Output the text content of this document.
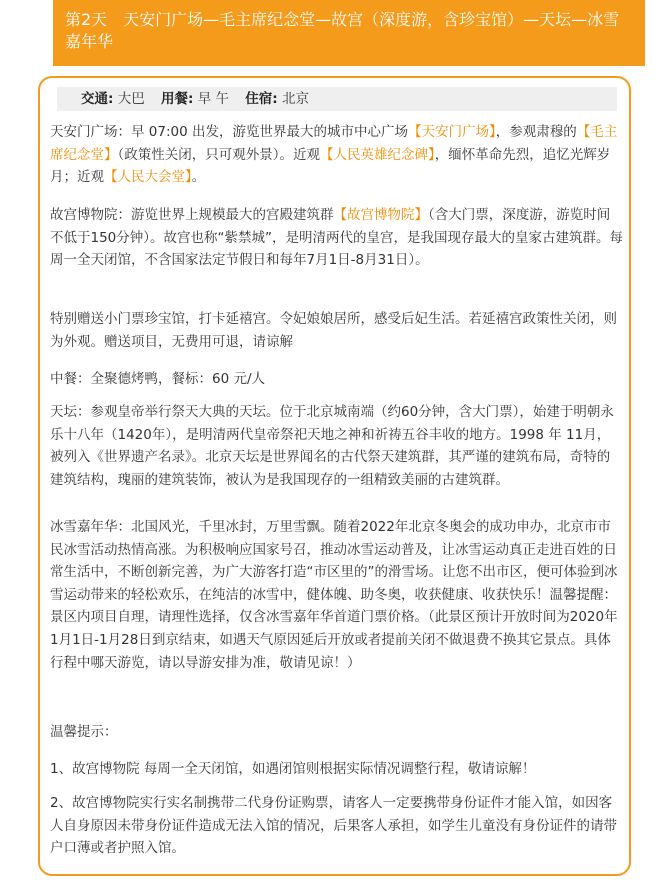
第2天　天安门广场—毛主席纪念堂—故宫（深度游，含珍宝馆）—天坛—冰雪嘉年华
交通: 大巴 用餐: 早 午 住宿: 北京

天安门广场：早 07:00 出发，游览世界最大的城市中心广场【天安门广场】，参观肃穆的【毛主席纪念堂】（政策性关闭，只可观外景）。近观【人民英雄纪念碑】，缅怀革命先烈，追忆光辉岁月；近观【人民大会堂】。

故宫博物院：游览世界上规模最大的宫殿建筑群【故宫博物院】（含大门票，深度游，游览时间不低于150分钟）。故宫也称“紫禁城”，是明清两代的皇宫，是我国现存最大的皇家古建筑群。每周一全天闭馆，不含国家法定节假日和每年7月1日-8月31日）。

特别赠送小门票珍宝馆，打卡延禧宫。令妃娘娘居所，感受后妃生活。若延禧宫政策性关闭，则为外观。赠送项目，无费用可退，请谅解

中餐：全聚德烤鸭，餐标：60 元/人

天坛：参观皇帝举行祭天大典的天坛。位于北京城南端（约60分钟，含大门票），始建于明朝永乐十八年（1420年），是明清两代皇帝祭祀天地之神和祈祷五谷丰收的地方。1998 年 11月，被列入《世界遗产名录》。北京天坛是世界闻名的古代祭天建筑群，其严谨的建筑布局，奇特的建筑结构，瑰丽的建筑装饰，被认为是我国现存的一组精致美丽的古建筑群。

冰雪嘉年华：北国风光，千里冰封，万里雪飘。随着2022年北京冬奥会的成功申办，北京市市民冰雪活动热情高涨。为积极响应国家号召，推动冰雪运动普及，让冰雪运动真正走进百姓的日常生活中，不断创新完善，为广大游客打造“市区里的”的滑雪场。让您不出市区，便可体验到冰雪运动带来的轻松欢乐，在纯洁的冰雪中，健体魄、助冬奥，收获健康、收获快乐！温馨提醒：景区内项目自理，请理性选择，仅含冰雪嘉年华首道门票价格。（此景区预计开放时间为2020年1月1日-1月28日到京结束，如遇天气原因延后开放或者提前关闭不做退费不换其它景点。具体行程中哪天游览，请以导游安排为准，敬请见谅！）

温馨提示：

1、故宫博物院 每周一全天闭馆，如遇闭馆则根据实际情况调整行程，敬请谅解！

2、故宫博物院实行实名制携带二代身份证购票，请客人一定要携带身份证件才能入馆，如因客人自身原因未带身份证件造成无法入馆的情况，后果客人承担，如学生儿童没有身份证件的请带户口薄或者护照入馆。
